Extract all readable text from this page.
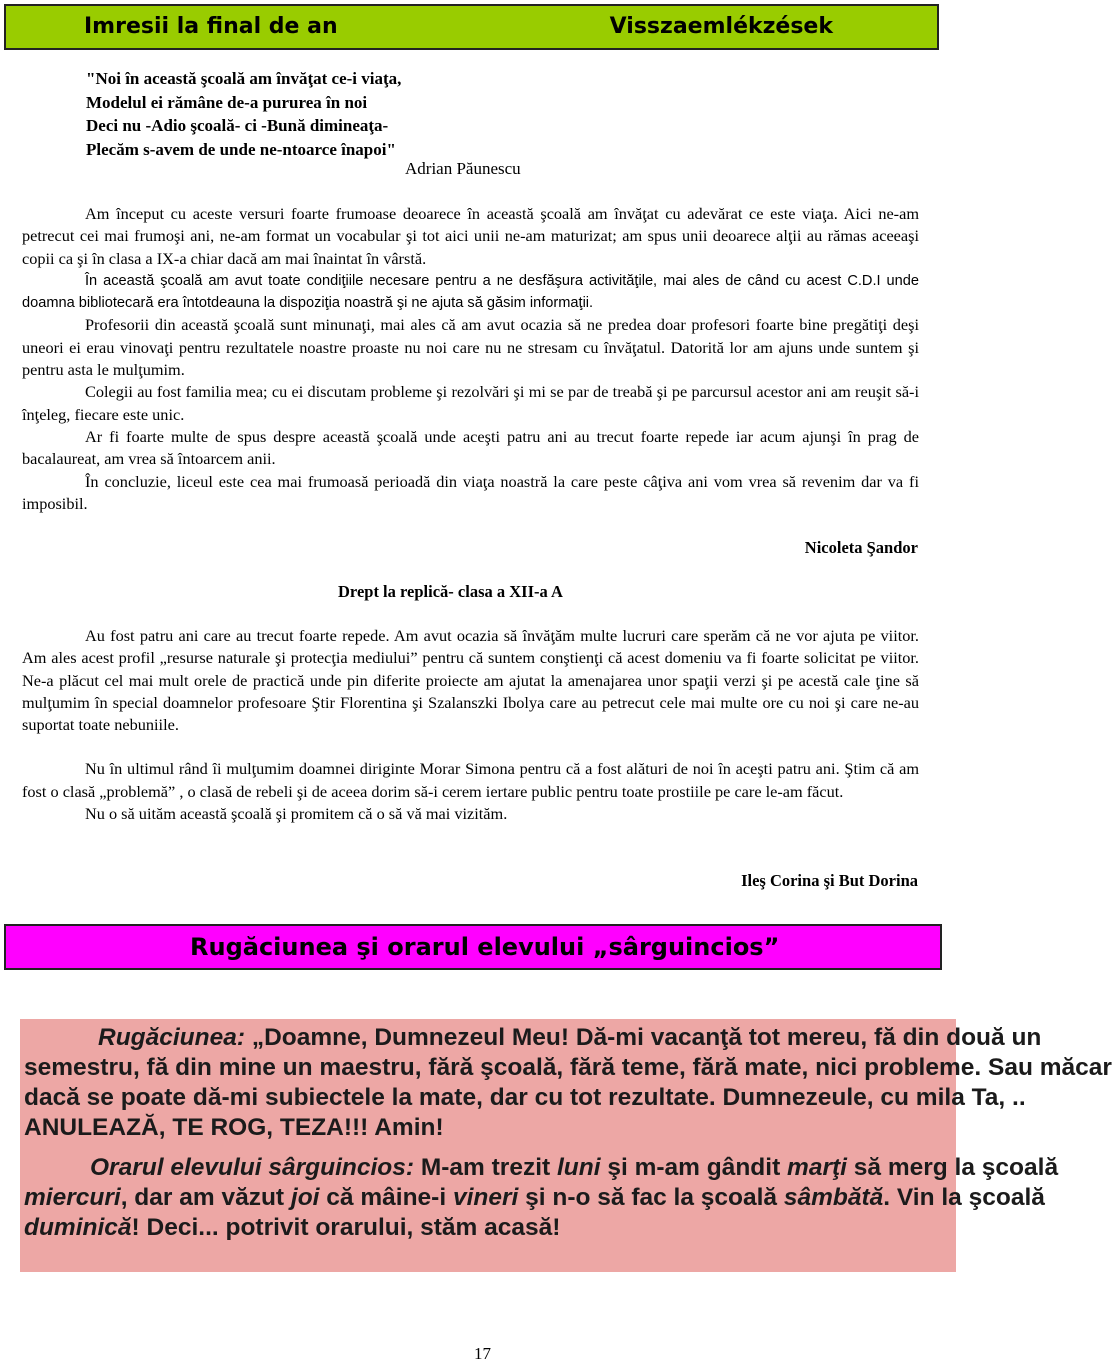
Imresii la final de an	Visszaemlékzések
"Noi în această şcoală am învăţat ce-i viaţa,
Modelul ei rămâne de-a pururea în noi
Deci nu -Adio şcoală- ci -Bună dimineaţa-
Plecăm s-avem de unde ne-ntoarce înapoi"
Adrian Păunescu

Am început cu aceste versuri foarte frumoase deoarece în această şcoală am învăţat cu adevărat ce este viaţa. Aici ne-am petrecut cei mai frumoşi ani, ne-am format un vocabular şi tot aici unii ne-am maturizat; am spus unii deoarece alţii au rămas aceeaşi copii ca şi în clasa a IX-a chiar dacă am mai înaintat în vârstă.

În această şcoală am avut toate condiţiile necesare pentru a ne desfăşura activităţile, mai ales de când cu acest C.D.I unde doamna bibliotecară era întotdeauna la dispoziţia noastră şi ne ajuta să găsim informaţii.

Profesorii din această şcoală sunt minunaţi, mai ales că am avut ocazia să ne predea doar profesori foarte bine pregătiţi deşi uneori ei erau vinovaţi pentru rezultatele noastre proaste nu noi care nu ne stresam cu învăţatul. Datorită lor am ajuns unde suntem şi pentru asta le mulţumim.

Colegii au fost familia mea; cu ei discutam probleme şi rezolvări şi mi se par de treabă şi pe parcursul acestor ani am reuşit să-i înţeleg, fiecare este unic.

Ar fi foarte multe de spus despre această şcoală unde aceşti patru ani au trecut foarte repede iar acum ajunşi în prag de bacalaureat, am vrea să întoarcem anii.

În concluzie, liceul este cea mai frumoasă perioadă din viaţa noastră la care peste câţiva ani vom vrea să revenim dar va fi imposibil.

Nicoleta Şandor
Drept la replică- clasa a XII-a A

Au fost patru ani care au trecut foarte repede. Am avut ocazia să învăţăm multe lucruri care sperăm că ne vor ajuta pe viitor. Am ales acest profil „resurse naturale şi protecţia mediului” pentru că suntem conştienţi că acest domeniu va fi foarte solicitat pe viitor. Ne-a plăcut cel mai mult orele de practică unde pin diferite proiecte am ajutat la amenajarea unor spaţii verzi şi pe acestă cale ţine să mulţumim în special doamnelor profesoare Ştir Florentina şi Szalanszki Ibolya care au petrecut cele mai multe ore cu noi şi care ne-au suportat toate nebuniile.

Nu în ultimul rând îi mulţumim doamnei diriginte Morar Simona pentru că a fost alături de noi în aceşti patru ani. Ştim că am fost o clasă „problemă” , o clasă de rebeli şi de aceea dorim să-i cerem iertare public pentru toate prostiile pe care le-am făcut.

Nu o să uităm această şcoală şi promitem că o să vă mai vizităm.

Ileş Corina şi But Dorina
Rugăciunea şi orarul elevului „sârguincios”
Rugăciunea: „Doamne, Dumnezeul Meu! Dă-mi vacanţă tot mereu, fă din două un
semestru, fă din mine un maestru, fără şcoală, fără teme, fără mate, nici probleme. Sau măcar
dacă se poate dă-mi subiectele la mate, dar cu tot rezultate. Dumnezeule, cu mila Ta, ..
ANULEAZĂ, TE ROG, TEZA!!! Amin!
Orarul elevului sârguincios: M-am trezit luni şi m-am gândit marţi să merg la şcoală
miercuri, dar am văzut joi că mâine-i vineri şi n-o să fac la şcoală sâmbătă. Vin la şcoală
duminică! Deci... potrivit orarului, stăm acasă!
17
